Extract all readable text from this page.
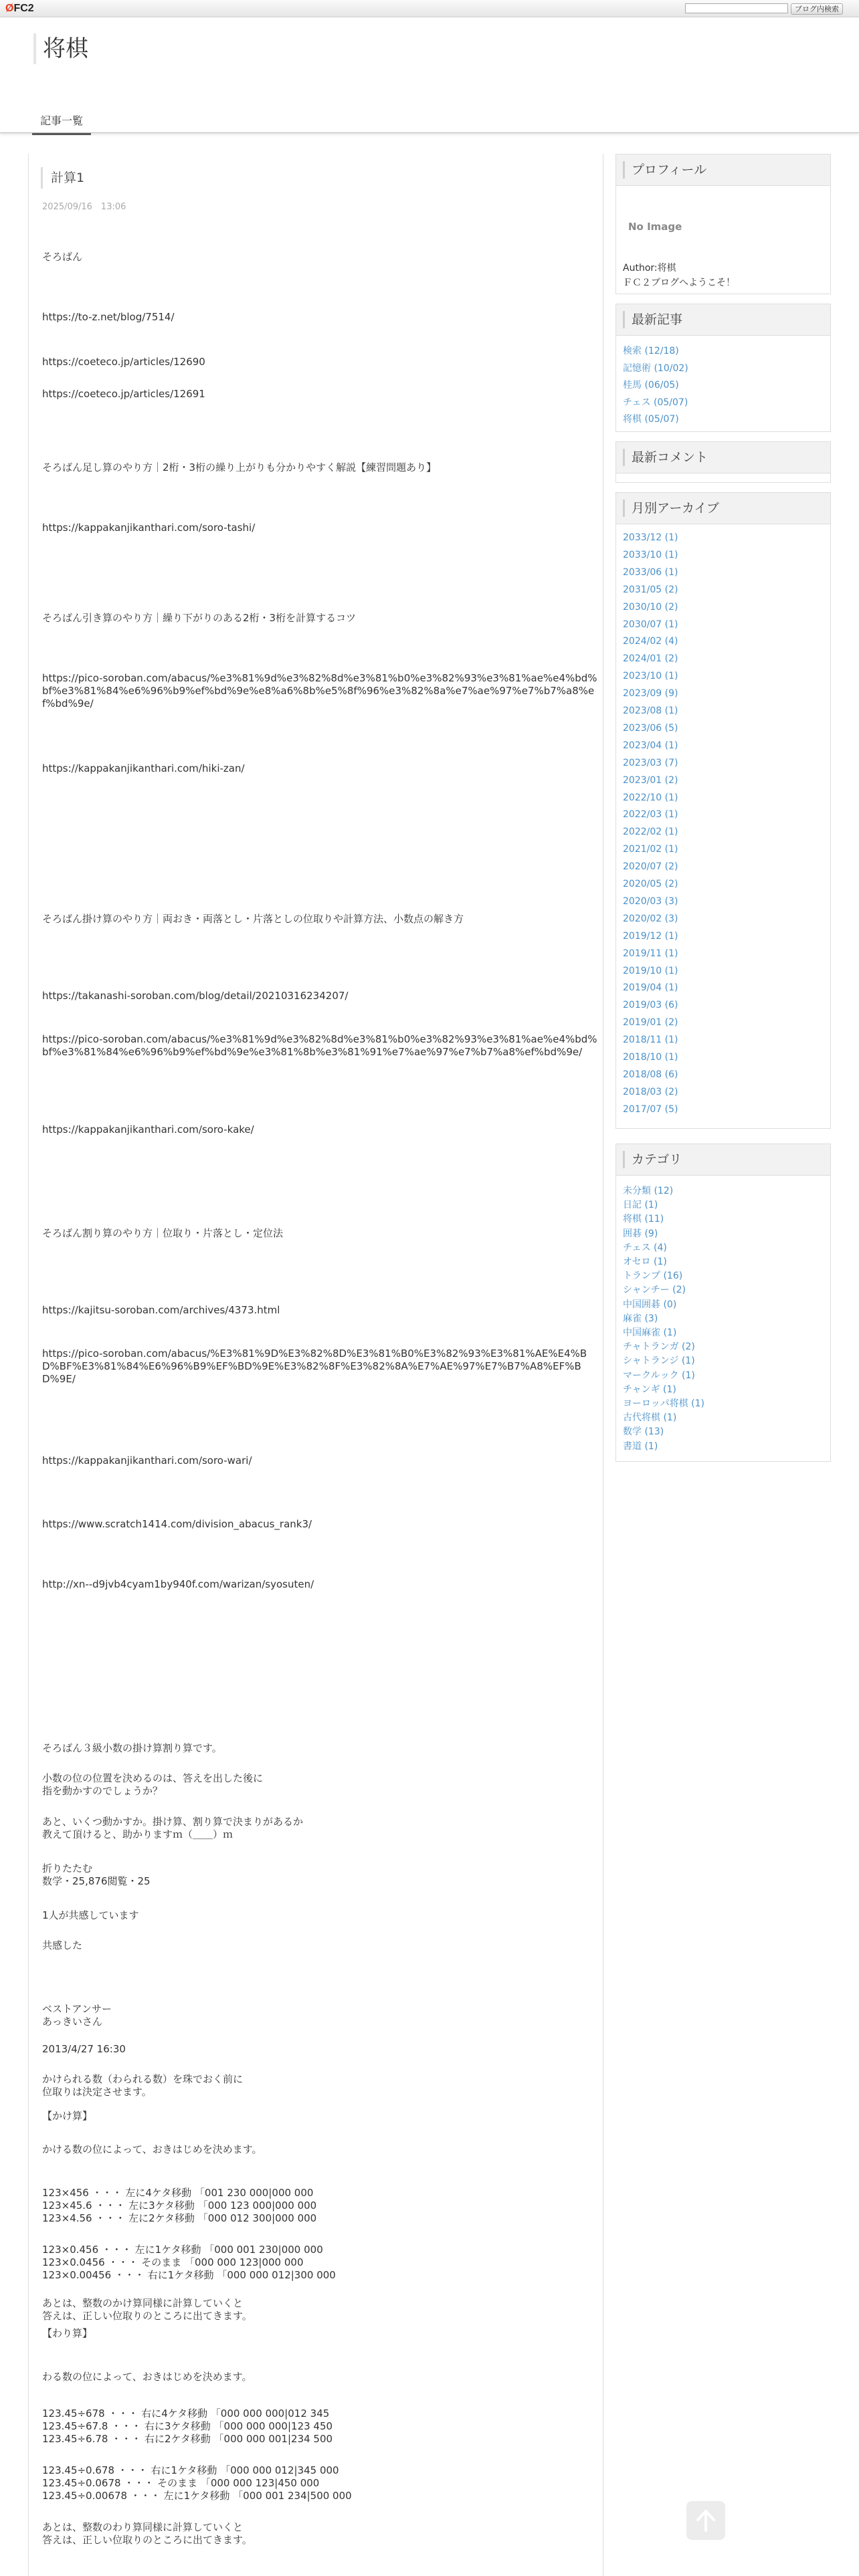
ØFC2	ブログ内検索
将棋
記事一覧
計算1
2025/09/16　13:06
そろばん
https://to-z.net/blog/7514/
https://coeteco.jp/articles/12690
https://coeteco.jp/articles/12691
そろばん足し算のやり方｜2桁・3桁の繰り上がりも分かりやすく解説【練習問題あり】
https://kappakanjikanthari.com/soro-tashi/
そろばん引き算のやり方｜繰り下がりのある2桁・3桁を計算するコツ
https://pico-soroban.com/abacus/%e3%81%9d%e3%82%8d%e3%81%b0%e3%82%93%e3%81%ae%e4%bd%bf%e3%81%84%e6%96%b9%ef%bd%9e%e8%a6%8b%e5%8f%96%e3%82%8a%e7%ae%97%e7%b7%a8%ef%bd%9e/
https://kappakanjikanthari.com/hiki-zan/
そろばん掛け算のやり方｜両おき・両落とし・片落としの位取りや計算方法、小数点の解き方
https://takanashi-soroban.com/blog/detail/20210316234207/
https://pico-soroban.com/abacus/%e3%81%9d%e3%82%8d%e3%81%b0%e3%82%93%e3%81%ae%e4%bd%bf%e3%81%84%e6%96%b9%ef%bd%9e%e3%81%8b%e3%81%91%e7%ae%97%e7%b7%a8%ef%bd%9e/
https://kappakanjikanthari.com/soro-kake/
そろばん割り算のやり方｜位取り・片落とし・定位法
https://kajitsu-soroban.com/archives/4373.html
https://pico-soroban.com/abacus/%E3%81%9D%E3%82%8D%E3%81%B0%E3%82%93%E3%81%AE%E4%BD%BF%E3%81%84%E6%96%B9%EF%BD%9E%E3%82%8F%E3%82%8A%E7%AE%97%E7%B7%A8%EF%BD%9E/
https://kappakanjikanthari.com/soro-wari/
https://www.scratch1414.com/division_abacus_rank3/
http://xn--d9jvb4cyam1by940f.com/warizan/syosuten/
そろばん３級小数の掛け算割り算です。
小数の位の位置を決めるのは、答えを出した後に
指を動かすのでしょうか？
あと、いくつ動かすか。掛け算、割り算で決まりがあるか
教えて頂けると、助かりますｍ（＿＿）ｍ
折りたたむ
数学・25,876閲覧・25
1人が共感しています
共感した
ベストアンサー
あっきいさん
2013/4/27 16:30
かけられる数（わられる数）を珠でおく前に
位取りは決定させます。
【かけ算】
かける数の位によって、おきはじめを決めます。
123×456 ・・・ 左に4ケタ移動 「001 230 000|000 000
123×45.6 ・・・ 左に3ケタ移動 「000 123 000|000 000
123×4.56 ・・・ 左に2ケタ移動 「000 012 300|000 000
123×0.456 ・・・ 左に1ケタ移動 「000 001 230|000 000
123×0.0456 ・・・ そのまま 「000 000 123|000 000
123×0.00456 ・・・ 右に1ケタ移動 「000 000 012|300 000
あとは、整数のかけ算同様に計算していくと
答えは、正しい位取りのところに出てきます。
【わり算】
わる数の位によって、おきはじめを決めます。
123.45÷678 ・・・ 右に4ケタ移動 「000 000 000|012 345
123.45÷67.8 ・・・ 右に3ケタ移動 「000 000 000|123 450
123.45÷6.78 ・・・ 右に2ケタ移動 「000 000 001|234 500
123.45÷0.678 ・・・ 右に1ケタ移動 「000 000 012|345 000
123.45÷0.0678 ・・・ そのまま 「000 000 123|450 000
123.45÷0.00678 ・・・ 左に1ケタ移動 「000 001 234|500 000
あとは、整数のわり算同様に計算していくと
答えは、正しい位取りのところに出てきます。
プロフィール
No Image
Author:将棋
ＦＣ２ブログへようこそ！
最新記事
検索 (12/18)
記憶術 (10/02)
桂馬 (06/05)
チェス (05/07)
将棋 (05/07)
最新コメント
月別アーカイブ
2033/12 (1)
2033/10 (1)
2033/06 (1)
2031/05 (2)
2030/10 (2)
2030/07 (1)
2024/02 (4)
2024/01 (2)
2023/10 (1)
2023/09 (9)
2023/08 (1)
2023/06 (5)
2023/04 (1)
2023/03 (7)
2023/01 (2)
2022/10 (1)
2022/03 (1)
2022/02 (1)
2021/02 (1)
2020/07 (2)
2020/05 (2)
2020/03 (3)
2020/02 (3)
2019/12 (1)
2019/11 (1)
2019/10 (1)
2019/04 (1)
2019/03 (6)
2019/01 (2)
2018/11 (1)
2018/10 (1)
2018/08 (6)
2018/03 (2)
2017/07 (5)
カテゴリ
未分類 (12)
日記 (1)
将棋 (11)
囲碁 (9)
チェス (4)
オセロ (1)
トランプ (16)
シャンチー (2)
中国囲碁 (0)
麻雀 (3)
中国麻雀 (1)
チャトランガ (2)
シャトランジ (1)
マークルック (1)
チャンギ (1)
ヨーロッパ将棋 (1)
古代将棋 (1)
数学 (13)
書道 (1)
